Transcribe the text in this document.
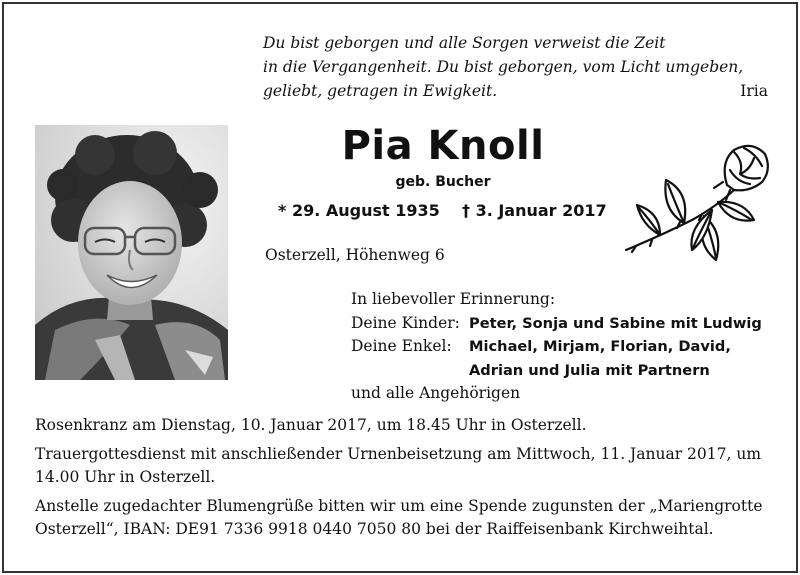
Du bist geborgen und alle Sorgen verweist die Zeit
in die Vergangenheit. Du bist geborgen, vom Licht umgeben,
geliebt, getragen in Ewigkeit.	Iria
Pia Knoll
geb. Bucher
* 29. August 1935 † 3. Januar 2017
Osterzell, Höhenweg 6
In liebevoller Erinnerung:
Deine Kinder: Peter, Sonja und Sabine mit Ludwig
Deine Enkel: Michael, Mirjam, Florian, David,
Adrian und Julia mit Partnern
und alle Angehörigen

Rosenkranz am Dienstag, 10. Januar 2017, um 18.45 Uhr in Osterzell.

Trauergottesdienst mit anschließender Urnenbeisetzung am Mittwoch, 11. Januar 2017, um 14.00 Uhr in Osterzell.

Anstelle zugedachter Blumengrüße bitten wir um eine Spende zugunsten der „Mariengrotte Osterzell“, IBAN: DE91 7336 9918 0440 7050 80 bei der Raiffeisenbank Kirchweihtal.
